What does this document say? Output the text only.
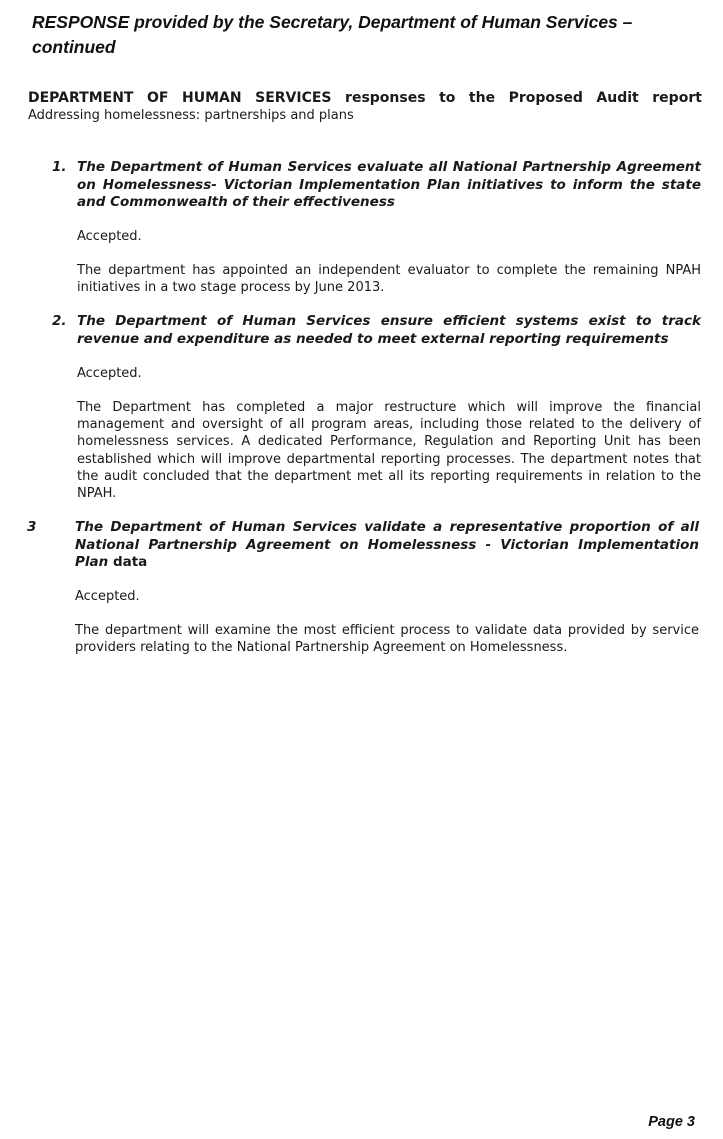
RESPONSE provided by the Secretary, Department of Human Services – continued
DEPARTMENT OF HUMAN SERVICES responses to the Proposed Audit report
Addressing homelessness: partnerships and plans
1. The Department of Human Services evaluate all National Partnership Agreement on Homelessness- Victorian Implementation Plan initiatives to inform the state and Commonwealth of their effectiveness
Accepted.
The department has appointed an independent evaluator to complete the remaining NPAH initiatives in a two stage process by June 2013.
2. The Department of Human Services ensure efficient systems exist to track revenue and expenditure as needed to meet external reporting requirements
Accepted.
The Department has completed a major restructure which will improve the financial management and oversight of all program areas, including those related to the delivery of homelessness services. A dedicated Performance, Regulation and Reporting Unit has been established which will improve departmental reporting processes. The department notes that the audit concluded that the department met all its reporting requirements in relation to the NPAH.
3	The Department of Human Services validate a representative proportion of all National Partnership Agreement on Homelessness - Victorian Implementation Plan data
Accepted.
The department will examine the most efficient process to validate data provided by service providers relating to the National Partnership Agreement on Homelessness.
Page 3
